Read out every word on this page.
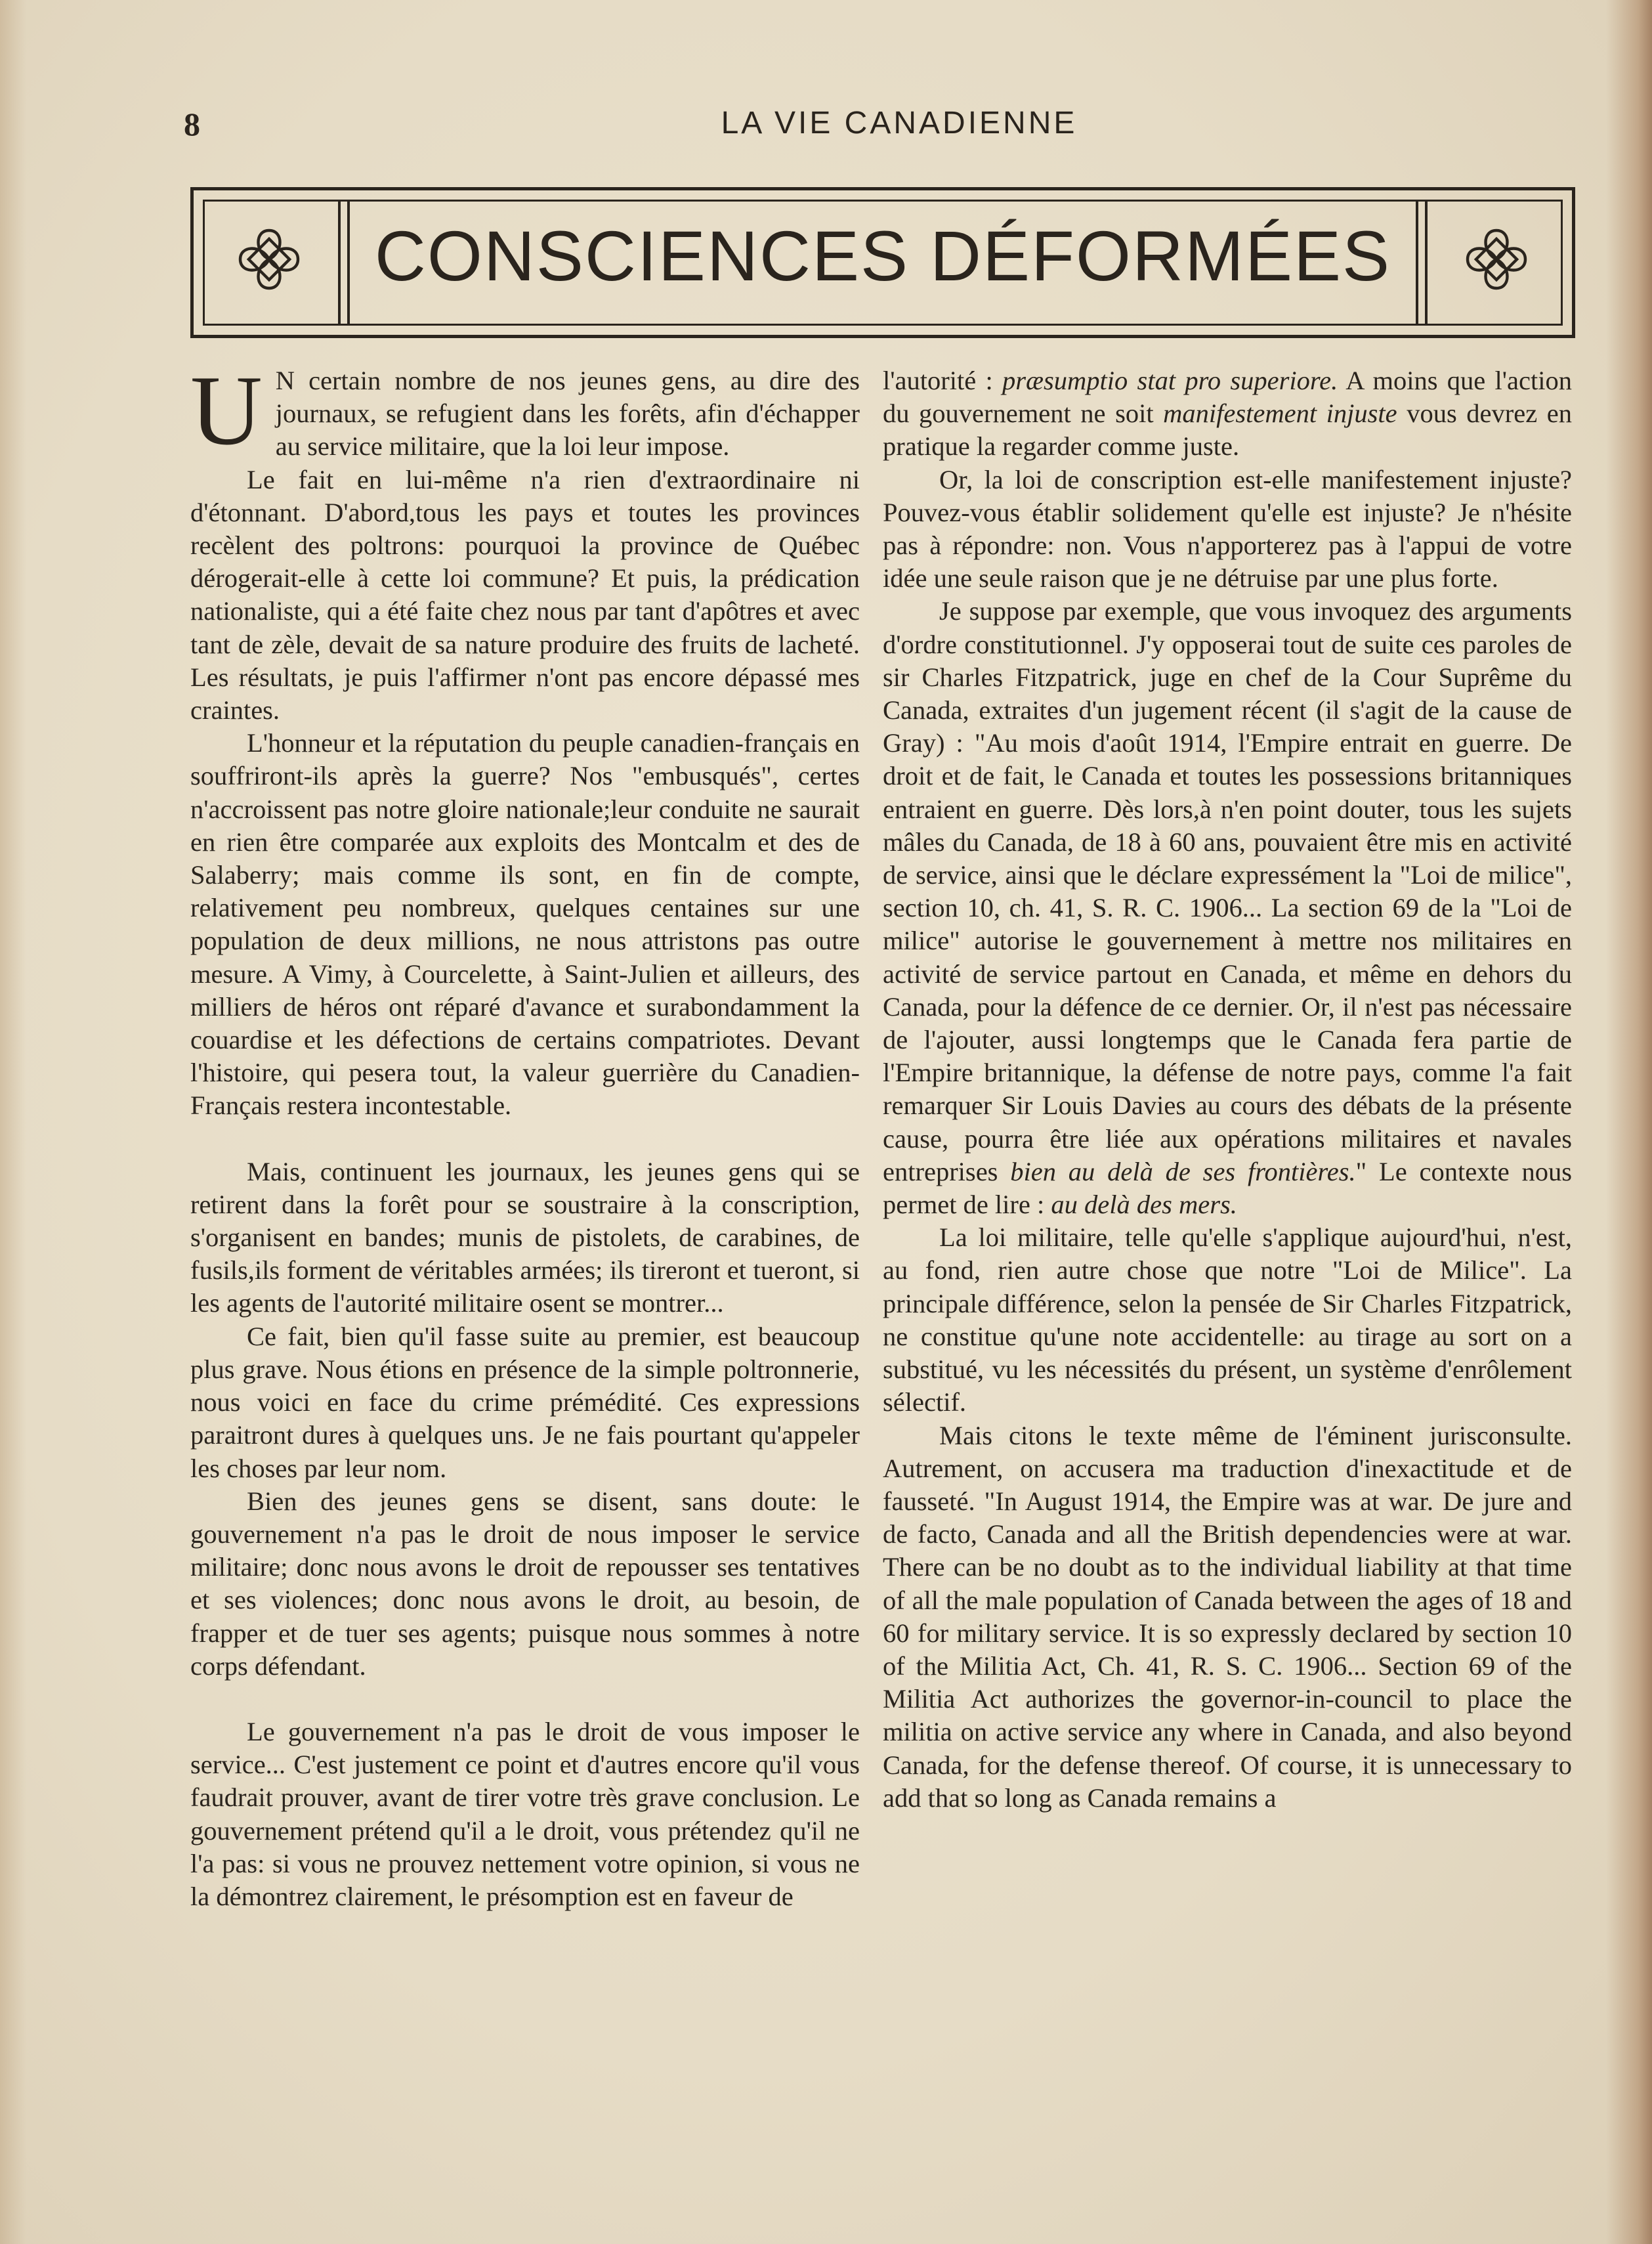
8	LA VIE CANADIENNE
CONSCIENCES DÉFORMÉES

U N certain nombre de nos jeunes gens, au dire des journaux, se refugient dans les forêts, afin d'échapper au service militaire, que la loi leur impose.

Le fait en lui-même n'a rien d'extraordinaire ni d'étonnant. D'abord,tous les pays et toutes les provinces recèlent des poltrons: pourquoi la province de Québec dérogerait-elle à cette loi commune? Et puis, la prédication nationaliste, qui a été faite chez nous par tant d'apôtres et avec tant de zèle, devait de sa nature produire des fruits de lacheté. Les résultats, je puis l'affirmer n'ont pas encore dépassé mes craintes.

L'honneur et la réputation du peuple canadien-français en souffriront-ils après la guerre? Nos "embusqués", certes n'accroissent pas notre gloire nationale;leur conduite ne saurait en rien être comparée aux exploits des Montcalm et des de Salaberry; mais comme ils sont, en fin de compte, relativement peu nombreux, quelques centaines sur une population de deux millions, ne nous attristons pas outre mesure. A Vimy, à Courcelette, à Saint-Julien et ailleurs, des milliers de héros ont réparé d'avance et surabondamment la couardise et les défections de certains compatriotes. Devant l'histoire, qui pesera tout, la valeur guerrière du Canadien-Français restera incontestable.

Mais, continuent les journaux, les jeunes gens qui se retirent dans la forêt pour se soustraire à la conscription, s'organisent en bandes; munis de pistolets, de carabines, de fusils,ils forment de véritables armées; ils tireront et tueront, si les agents de l'autorité militaire osent se montrer...

Ce fait, bien qu'il fasse suite au premier, est beaucoup plus grave. Nous étions en présence de la simple poltronnerie, nous voici en face du crime prémédité. Ces expressions paraitront dures à quelques uns. Je ne fais pourtant qu'appeler les choses par leur nom.

Bien des jeunes gens se disent, sans doute: le gouvernement n'a pas le droit de nous imposer le service militaire; donc nous avons le droit de repousser ses tentatives et ses violences; donc nous avons le droit, au besoin, de frapper et de tuer ses agents; puisque nous sommes à notre corps défendant.

Le gouvernement n'a pas le droit de vous imposer le service... C'est justement ce point et d'autres encore qu'il vous faudrait prouver, avant de tirer votre très grave conclusion. Le gouvernement prétend qu'il a le droit, vous prétendez qu'il ne l'a pas: si vous ne prouvez nettement votre opinion, si vous ne la démontrez clairement, le présomption est en faveur de

l'autorité : præsumptio stat pro superiore. A moins que l'action du gouvernement ne soit manifestement injuste vous devrez en pratique la regarder comme juste.

Or, la loi de conscription est-elle manifestement injuste? Pouvez-vous établir solidement qu'elle est injuste? Je n'hésite pas à répondre: non. Vous n'apporterez pas à l'appui de votre idée une seule raison que je ne détruise par une plus forte.

Je suppose par exemple, que vous invoquez des arguments d'ordre constitutionnel. J'y opposerai tout de suite ces paroles de sir Charles Fitzpatrick, juge en chef de la Cour Suprême du Canada, extraites d'un jugement récent (il s'agit de la cause de Gray) : "Au mois d'août 1914, l'Empire entrait en guerre. De droit et de fait, le Canada et toutes les possessions britanniques entraient en guerre. Dès lors,à n'en point douter, tous les sujets mâles du Canada, de 18 à 60 ans, pouvaient être mis en activité de service, ainsi que le déclare expressément la "Loi de milice", section 10, ch. 41, S. R. C. 1906... La section 69 de la "Loi de milice" autorise le gouvernement à mettre nos militaires en activité de service partout en Canada, et même en dehors du Canada, pour la défence de ce dernier. Or, il n'est pas nécessaire de l'ajouter, aussi longtemps que le Canada fera partie de l'Empire britannique, la défense de notre pays, comme l'a fait remarquer Sir Louis Davies au cours des débats de la présente cause, pourra être liée aux opérations militaires et navales entreprises bien au delà de ses frontières." Le contexte nous permet de lire : au delà des mers.

La loi militaire, telle qu'elle s'applique aujourd'hui, n'est, au fond, rien autre chose que notre "Loi de Milice". La principale différence, selon la pensée de Sir Charles Fitzpatrick, ne constitue qu'une note accidentelle: au tirage au sort on a substitué, vu les nécessités du présent, un système d'enrôlement sélectif.

Mais citons le texte même de l'éminent jurisconsulte. Autrement, on accusera ma traduction d'inexactitude et de fausseté. "In August 1914, the Empire was at war. De jure and de facto, Canada and all the British dependencies were at war. There can be no doubt as to the individual liability at that time of all the male population of Canada between the ages of 18 and 60 for military service. It is so expressly declared by section 10 of the Militia Act, Ch. 41, R. S. C. 1906... Section 69 of the Militia Act authorizes the governor-in-council to place the militia on active service any where in Canada, and also beyond Canada, for the defense thereof. Of course, it is unnecessary to add that so long as Canada remains a
